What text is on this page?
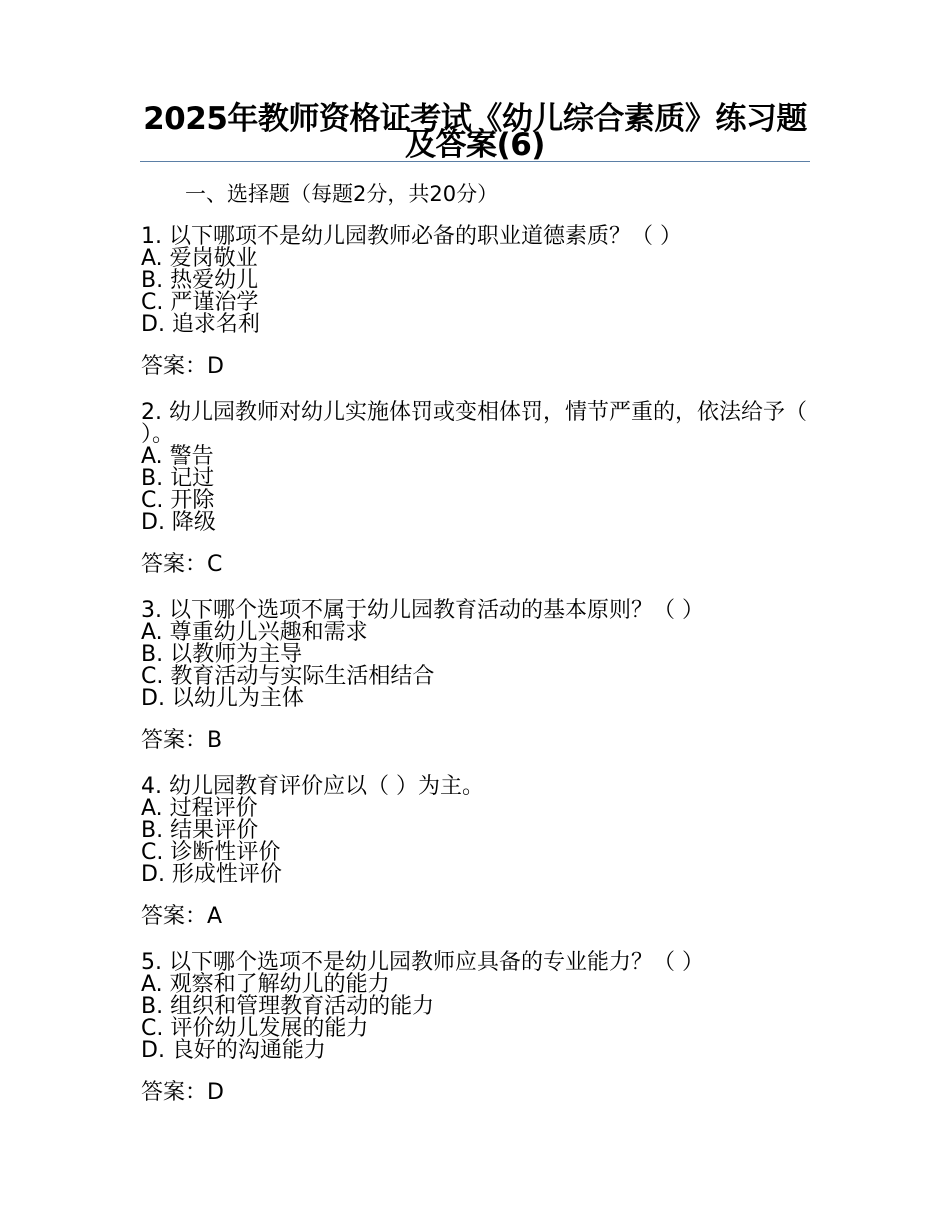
2025年教师资格证考试《幼儿综合素质》练习题及答案(6)
一、选择题（每题2分，共20分）
1. 以下哪项不是幼儿园教师必备的职业道德素质？（ ）
A. 爱岗敬业
B. 热爱幼儿
C. 严谨治学
D. 追求名利
答案：D
2. 幼儿园教师对幼儿实施体罚或变相体罚，情节严重的，依法给予（ ）。
A. 警告
B. 记过
C. 开除
D. 降级
答案：C
3. 以下哪个选项不属于幼儿园教育活动的基本原则？（ ）
A. 尊重幼儿兴趣和需求
B. 以教师为主导
C. 教育活动与实际生活相结合
D. 以幼儿为主体
答案：B
4. 幼儿园教育评价应以（ ）为主。
A. 过程评价
B. 结果评价
C. 诊断性评价
D. 形成性评价
答案：A
5. 以下哪个选项不是幼儿园教师应具备的专业能力？（ ）
A. 观察和了解幼儿的能力
B. 组织和管理教育活动的能力
C. 评价幼儿发展的能力
D. 良好的沟通能力
答案：D
